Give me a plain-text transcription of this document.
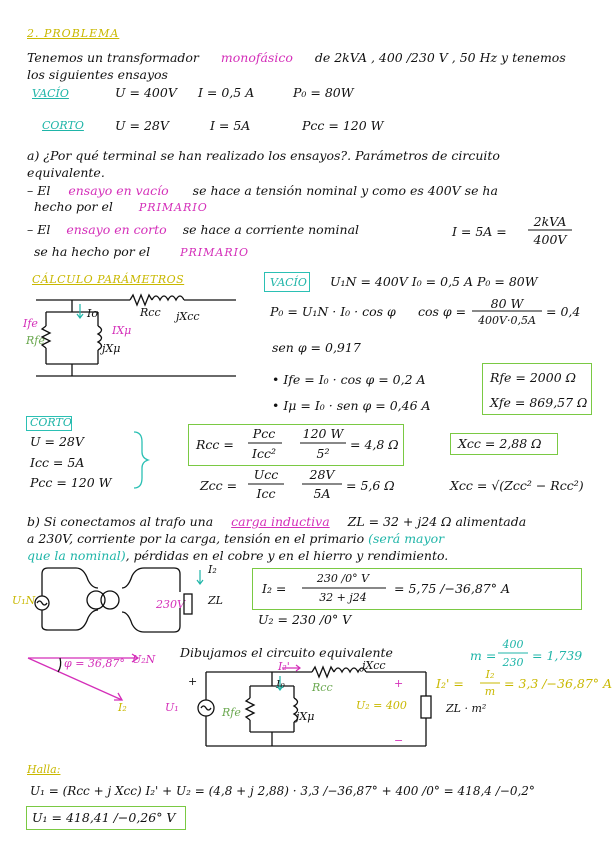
2. PROBLEMA
Tenemos un transformador monofásico de 2kVA , 400 /230 V , 50 Hz y tenemos
los siguientes ensayos
VACÍO	U = 400V I = 0,5 A	P₀ = 80W
CORTO U = 28V	I = 5A	Pcc = 120 W
a) ¿Por qué terminal se han realizado los ensayos?. Parámetros de circuito
equivalente.
– El ensayo en vacío se hace a tensión nominal y como es 400V se ha
hecho por el PRIMARIO
– El ensayo en corto se hace a corriente nominal	I = 5A =
2kVA
400V
se ha hecho por el	PRIMARIO
CÁLCULO PARÁMETROS
Io	Rcc jXcc
Ife
IXμ
Rfe
jXμ
VACÍO U₁N = 400V I₀ = 0,5 A P₀ = 80W
P₀ = U₁N · I₀ · cos φ cos φ =
80 W
400V·0,5A
= 0,4
sen φ = 0,917
• Ife = I₀ · cos φ = 0,2 A
• Iμ = I₀ · sen φ = 0,46 A
Rfe = 2000 Ω
Xfe = 869,57 Ω
CORTO
U = 28V
Icc = 5A
Pcc = 120 W
Rcc =
Pcc
Icc²
120 W
5²
= 4,8 Ω	Xcc = 2,88 Ω
Zcc =
Ucc
Icc
28V
5A
= 5,6 Ω	Xcc = √(Zcc² − Rcc²)
b) Si conectamos al trafo una carga inductiva ZL = 32 + j24 Ω alimentada
a 230V, corriente por la carga, tensión en el primario (será mayor
que la nominal), pérdidas en el cobre y en el hierro y rendimiento.
U₁N
I₂
230V ZL
I₂ =
230 /0° V
32 + j24
= 5,75 /−36,87° A
U₂ = 230 /0° V
φ = 36,87° U₂N
I₂	U₁
Dibujamos el circuito equivalente	m =
400
230 = 1,739
I₂' =
I₂
m
= 3,3 /−36,87° A
ZL · m²
I₂'	jXcc
Rcc
I₀
Rfe	jXμ
U₂ = 400
+
−
+
Halla:
U₁ = (Rcc + j Xcc) I₂' + U₂ = (4,8 + j 2,88) · 3,3 /−36,87° + 400 /0° = 418,4 /−0,2°
U₁ = 418,41 /−0,26° V
